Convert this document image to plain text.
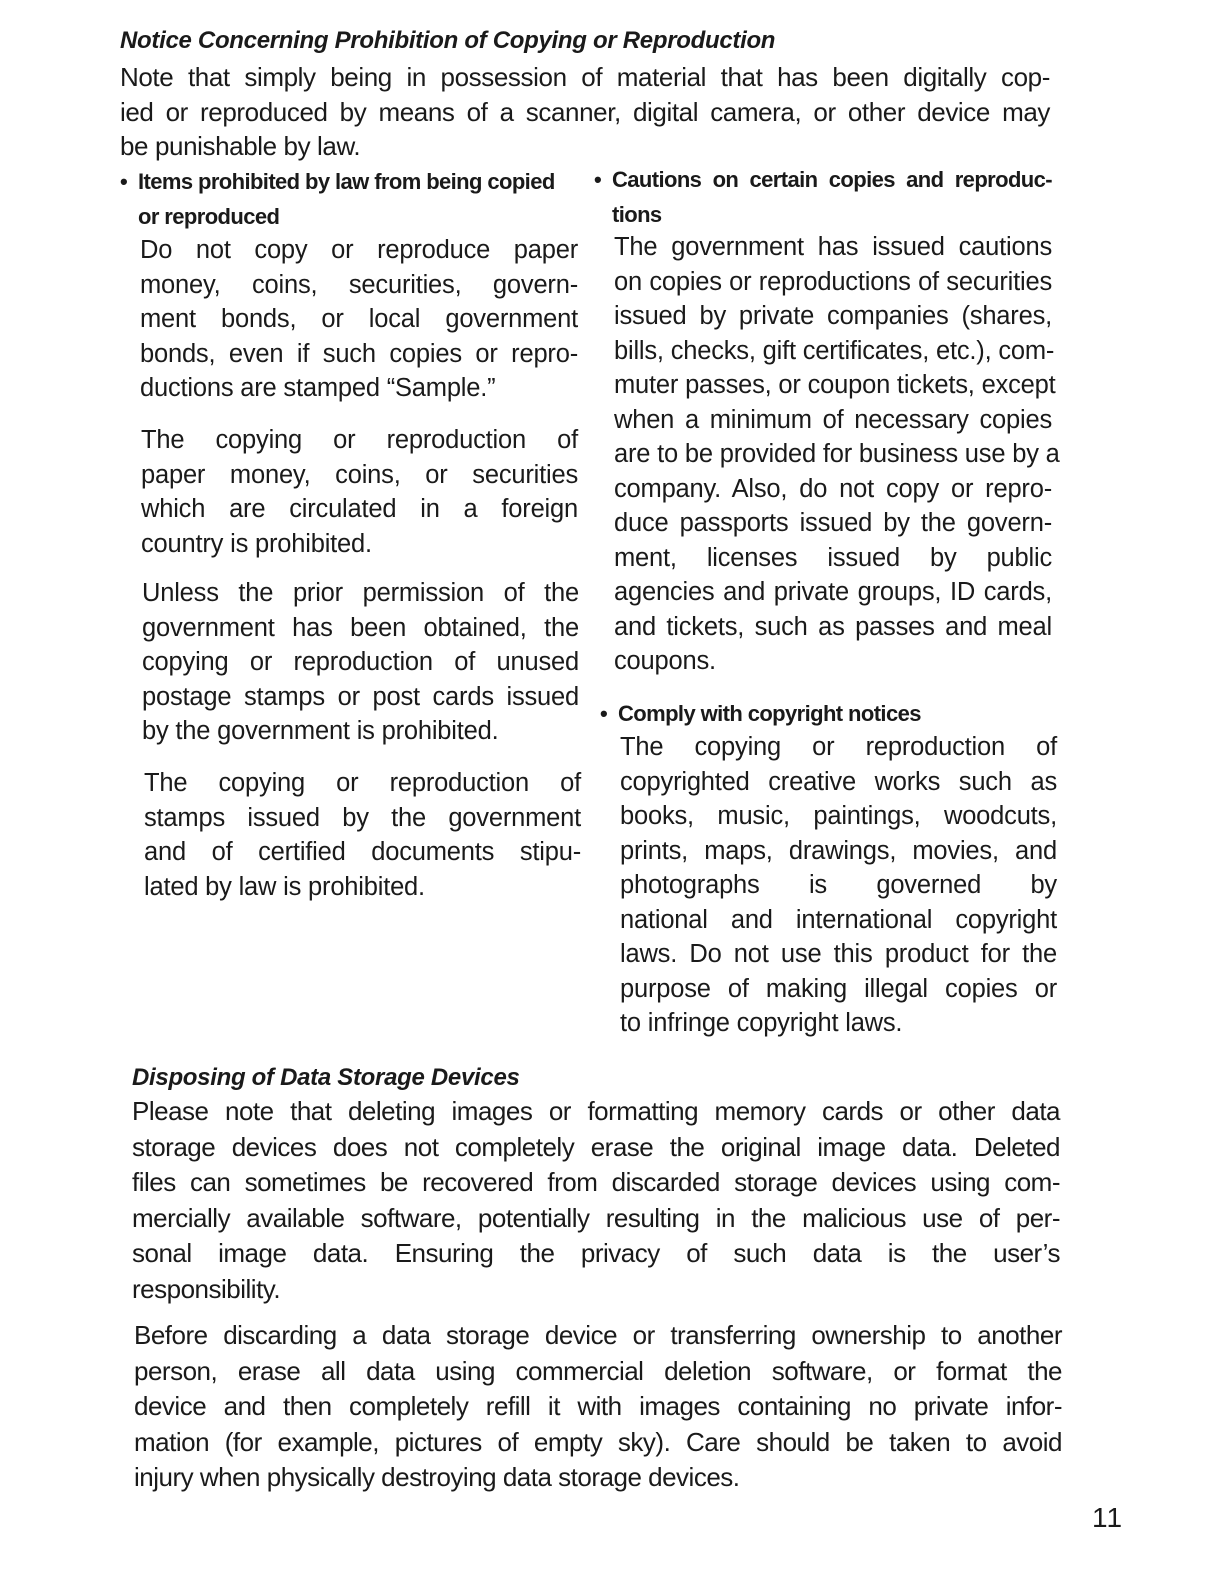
Notice Concerning Prohibition of Copying or Reproduction
Note that simply being in possession of material that has been digitally cop-
ied or reproduced by means of a scanner, digital camera, or other device may
be punishable by law.
• Items prohibited by law from being copied
or reproduced
Do not copy or reproduce paper
money, coins, securities, govern-
ment bonds, or local government
bonds, even if such copies or repro-
ductions are stamped “Sample.”
The copying or reproduction of
paper money, coins, or securities
which are circulated in a foreign
country is prohibited.
Unless the prior permission of the
government has been obtained, the
copying or reproduction of unused
postage stamps or post cards issued
by the government is prohibited.
The copying or reproduction of
stamps issued by the government
and of certified documents stipu-
lated by law is prohibited.
• Cautions on certain copies and reproduc-
tions
The government has issued cautions
on copies or reproductions of securities
issued by private companies (shares,
bills, checks, gift certificates, etc.), com-
muter passes, or coupon tickets, except
when a minimum of necessary copies
are to be provided for business use by a
company. Also, do not copy or repro-
duce passports issued by the govern-
ment, licenses issued by public
agencies and private groups, ID cards,
and tickets, such as passes and meal
coupons.
• Comply with copyright notices
The copying or reproduction of
copyrighted creative works such as
books, music, paintings, woodcuts,
prints, maps, drawings, movies, and
photographs is governed by
national and international copyright
laws. Do not use this product for the
purpose of making illegal copies or
to infringe copyright laws.
Disposing of Data Storage Devices
Please note that deleting images or formatting memory cards or other data
storage devices does not completely erase the original image data. Deleted
files can sometimes be recovered from discarded storage devices using com-
mercially available software, potentially resulting in the malicious use of per-
sonal image data. Ensuring the privacy of such data is the user’s
responsibility.
Before discarding a data storage device or transferring ownership to another
person, erase all data using commercial deletion software, or format the
device and then completely refill it with images containing no private infor-
mation (for example, pictures of empty sky). Care should be taken to avoid
injury when physically destroying data storage devices.
11
